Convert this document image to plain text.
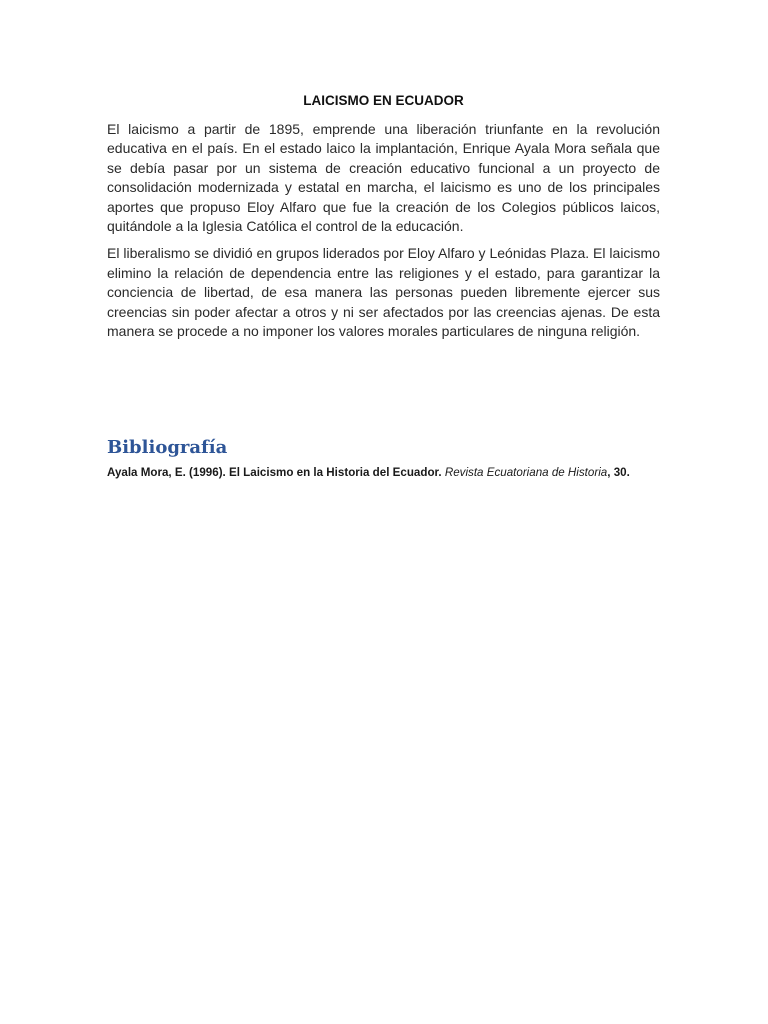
LAICISMO EN ECUADOR

El laicismo a partir de 1895, emprende una liberación triunfante en la revolución educativa en el país. En el estado laico la implantación, Enrique Ayala Mora señala que se debía pasar por un sistema de creación educativo funcional a un proyecto de consolidación modernizada y estatal en marcha, el laicismo es uno de los principales aportes que propuso Eloy Alfaro que fue la creación de los Colegios públicos laicos, quitándole a la Iglesia Católica el control de la educación.

El liberalismo se dividió en grupos liderados por Eloy Alfaro y Leónidas Plaza. El laicismo elimino la relación de dependencia entre las religiones y el estado, para garantizar la conciencia de libertad, de esa manera las personas pueden libremente ejercer sus creencias sin poder afectar a otros y ni ser afectados por las creencias ajenas. De esta manera se procede a no imponer los valores morales particulares de ninguna religión.

Bibliografía

Ayala Mora, E. (1996). El Laicismo en la Historia del Ecuador. Revista Ecuatoriana de Historia, 30.
